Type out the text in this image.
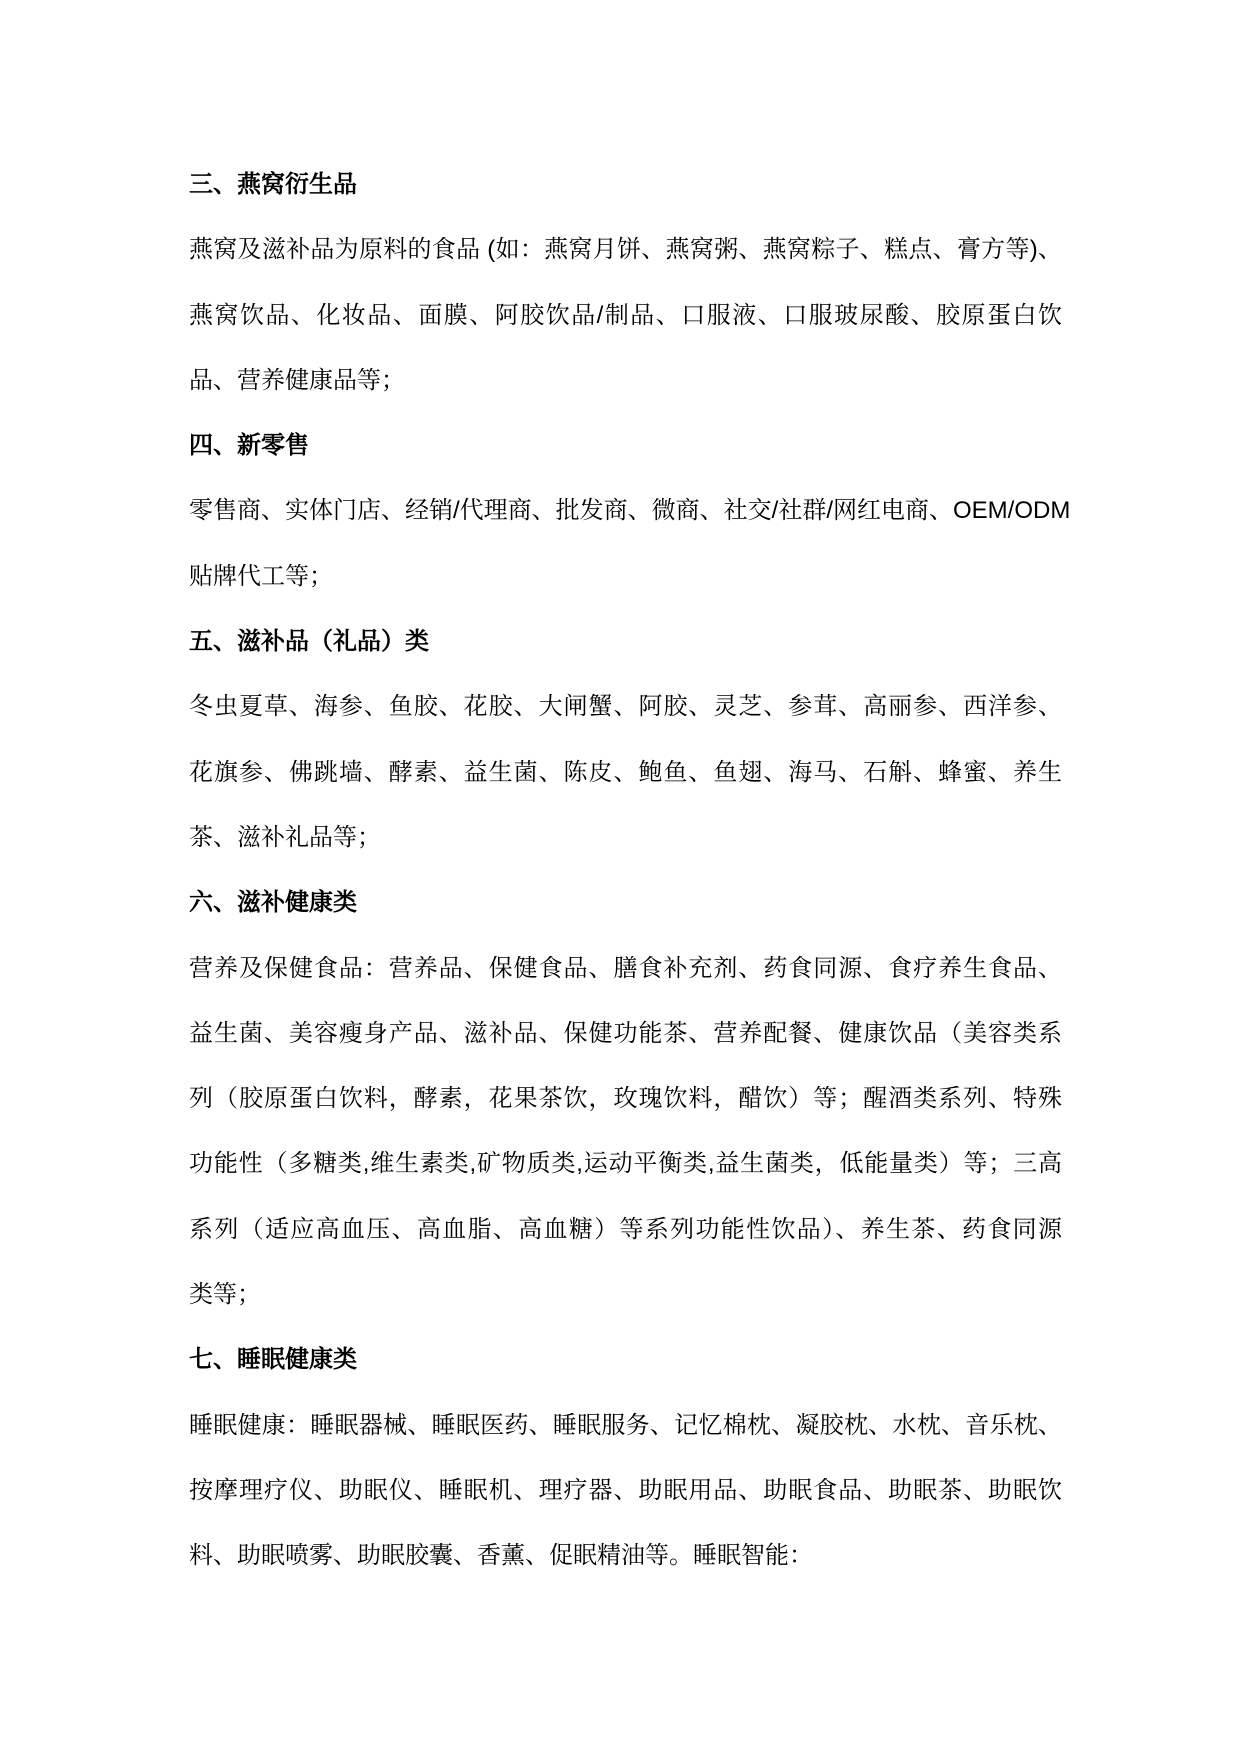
三、燕窝衍生品
燕窝及滋补品为原料的食品 (如：燕窝月饼、燕窝粥、燕窝粽子、糕点、膏方等)、
燕窝饮品、化妆品、面膜、阿胶饮品/制品、口服液、口服玻尿酸、胶原蛋白饮
品、营养健康品等；
四、新零售
零售商、实体门店、经销/代理商、批发商、微商、社交/社群/网红电商、OEM/ODM
贴牌代工等；
五、滋补品（礼品）类
冬虫夏草、海参、鱼胶、花胶、大闸蟹、阿胶、灵芝、参茸、高丽参、西洋参、
花旗参、佛跳墙、酵素、益生菌、陈皮、鲍鱼、鱼翅、海马、石斛、蜂蜜、养生
茶、滋补礼品等；
六、滋补健康类
营养及保健食品：营养品、保健食品、膳食补充剂、药食同源、食疗养生食品、
益生菌、美容瘦身产品、滋补品、保健功能茶、营养配餐、健康饮品（美容类系
列（胶原蛋白饮料，酵素，花果茶饮，玫瑰饮料，醋饮）等；醒酒类系列、特殊
功能性（多糖类,维生素类,矿物质类,运动平衡类,益生菌类，低能量类）等；三高
系列（适应高血压、高血脂、高血糖）等系列功能性饮品）、养生茶、药食同源
类等；
七、睡眠健康类
睡眠健康：睡眠器械、睡眠医药、睡眠服务、记忆棉枕、凝胶枕、水枕、音乐枕、
按摩理疗仪、助眠仪、睡眠机、理疗器、助眠用品、助眠食品、助眠茶、助眠饮
料、助眠喷雾、助眠胶囊、香薰、促眠精油等。睡眠智能：
